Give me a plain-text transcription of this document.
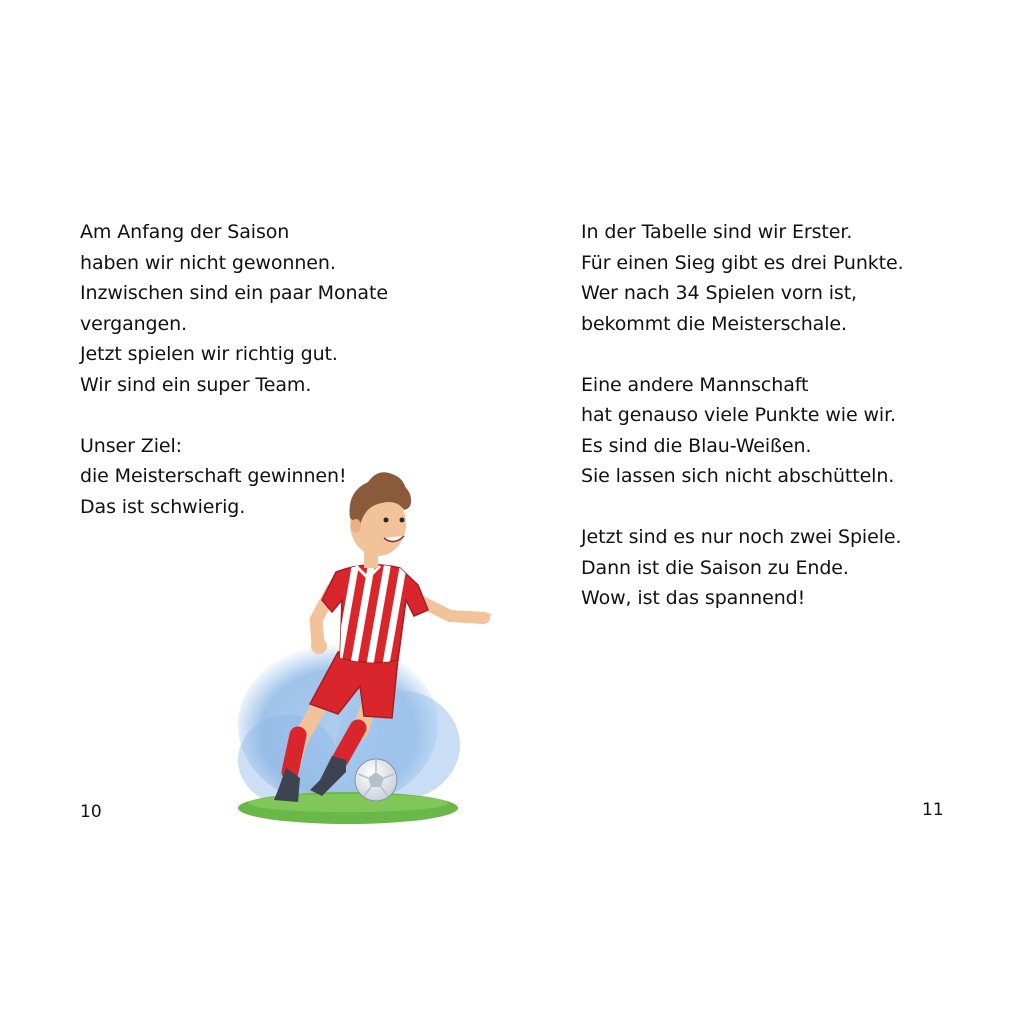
Am Anfang der Saison
haben wir nicht gewonnen.
Inzwischen sind ein paar Monate
vergangen.
Jetzt spielen wir richtig gut.
Wir sind ein super Team.
Unser Ziel:
die Meisterschaft gewinnen!
Das ist schwierig.
In der Tabelle sind wir Erster.
Für einen Sieg gibt es drei Punkte.
Wer nach 34 Spielen vorn ist,
bekommt die Meisterschale.
Eine andere Mannschaft
hat genauso viele Punkte wie wir.
Es sind die Blau-Weißen.
Sie lassen sich nicht abschütteln.
Jetzt sind es nur noch zwei Spiele.
Dann ist die Saison zu Ende.
Wow, ist das spannend!
10	11
